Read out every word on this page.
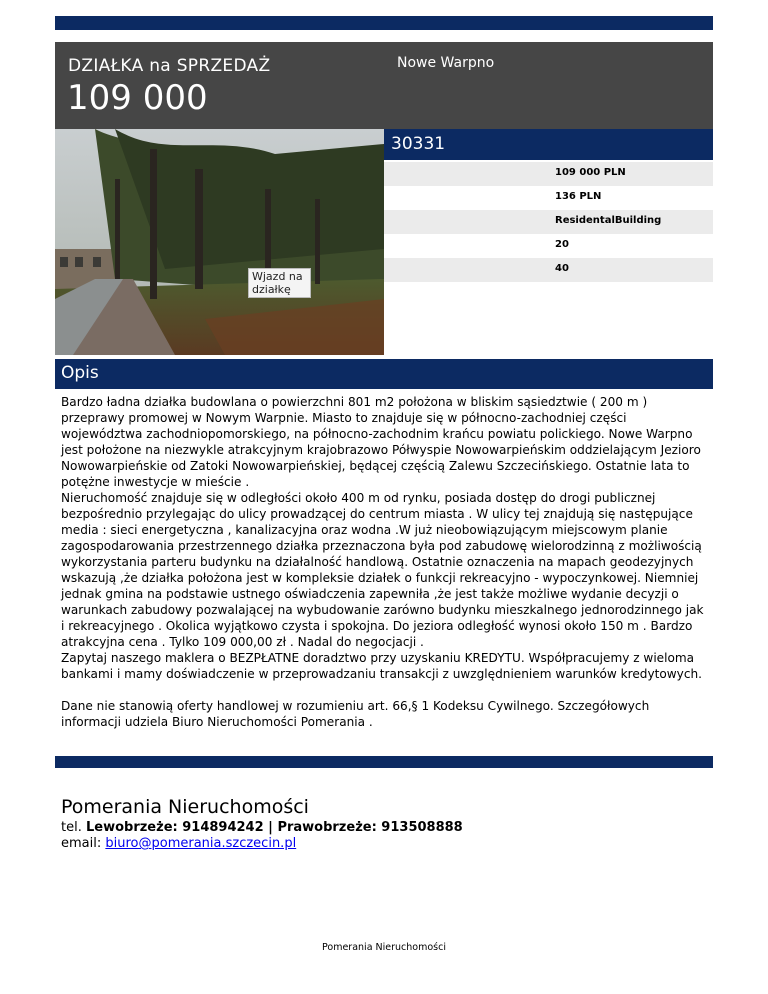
DZIAŁKA na SPRZEDAŻ
109 000
Nowe Warpno
Wjazd na działkę
30331
109 000 PLN
136 PLN
ResidentalBuilding
20
40
Opis

Bardzo ładna działka budowlana o powierzchni 801 m2 położona w bliskim sąsiedztwie ( 200 m ) przeprawy promowej w Nowym Warpnie. Miasto to znajduje się w północno-zachodniej części województwa zachodniopomorskiego, na północno-zachodnim krańcu powiatu polickiego. Nowe Warpno jest położone na niezwykle atrakcyjnym krajobrazowo Półwyspie Nowowarpieńskim oddzielającym Jezioro Nowowarpieńskie od Zatoki Nowowarpieńskiej, będącej częścią Zalewu Szczecińskiego. Ostatnie lata to potężne inwestycje w mieście .
Nieruchomość znajduje się w odległości około 400 m od rynku, posiada dostęp do drogi publicznej bezpośrednio przylegając do ulicy prowadzącej do centrum miasta . W ulicy tej znajdują się następujące media : sieci energetyczna , kanalizacyjna oraz wodna .W już nieobowiązującym miejscowym planie zagospodarowania przestrzennego działka przeznaczona była pod zabudowę wielorodzinną z możliwością wykorzystania parteru budynku na działalność handlową. Ostatnie oznaczenia na mapach geodezyjnych wskazują ,że działka położona jest w kompleksie działek o funkcji rekreacyjno - wypoczynkowej. Niemniej jednak gmina na podstawie ustnego oświadczenia zapewniła ,że jest także możliwe wydanie decyzji o warunkach zabudowy pozwalającej na wybudowanie zarówno budynku mieszkalnego jednorodzinnego jak i rekreacyjnego . Okolica wyjątkowo czysta i spokojna. Do jeziora odległość wynosi około 150 m . Bardzo atrakcyjna cena . Tylko 109 000,00 zł . Nadal do negocjacji .
Zapytaj naszego maklera o BEZPŁATNE doradztwo przy uzyskaniu KREDYTU. Współpracujemy z wieloma bankami i mamy doświadczenie w przeprowadzaniu transakcji z uwzględnieniem warunków kredytowych.

Dane nie stanowią oferty handlowej w rozumieniu art. 66,§ 1 Kodeksu Cywilnego. Szczegółowych informacji udziela Biuro Nieruchomości Pomerania .

Pomerania Nieruchomości
tel. Lewobrzeże: 914894242 | Prawobrzeże: 913508888
email: biuro@pomerania.szczecin.pl
Pomerania Nieruchomości
